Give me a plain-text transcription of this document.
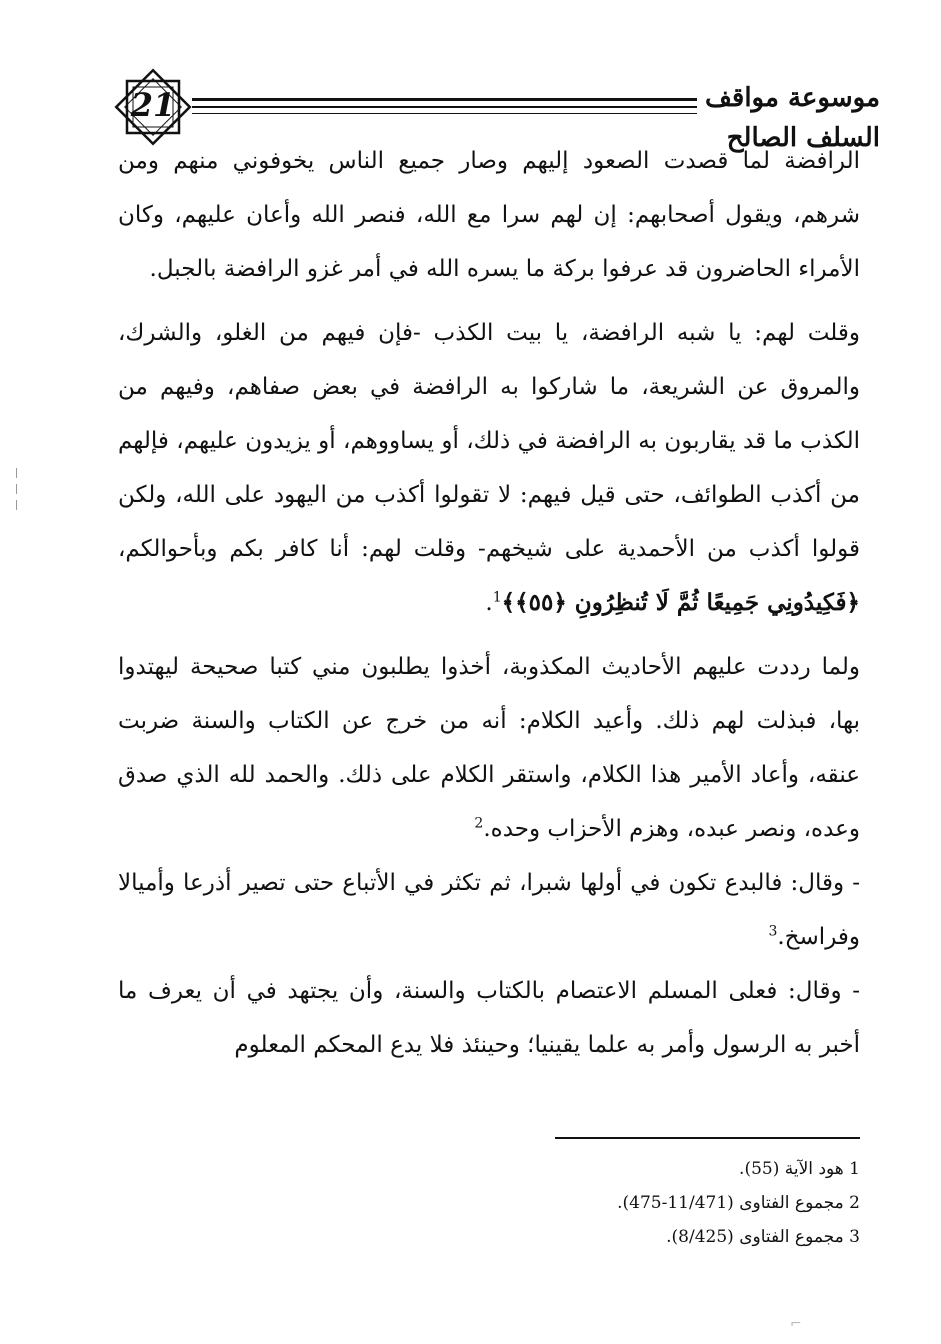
21	موسوعة مواقف السلف الصالح

الرافضة لما قصدت الصعود إليهم وصار جميع الناس يخوفوني منهم ومن شرهم، ويقول أصحابهم: إن لهم سرا مع الله، فنصر الله وأعان عليهم، وكان الأمراء الحاضرون قد عرفوا بركة ما يسره الله في أمر غزو الرافضة بالجبل.

وقلت لهم: يا شبه الرافضة، يا بيت الكذب -فإن فيهم من الغلو، والشرك، والمروق عن الشريعة، ما شاركوا به الرافضة في بعض صفاهم، وفيهم من الكذب ما قد يقاربون به الرافضة في ذلك، أو يساووهم، أو يزيدون عليهم، فإلهم من أكذب الطوائف، حتى قيل فيهم: لا تقولوا أكذب من اليهود على الله، ولكن قولوا أكذب من الأحمدية على شيخهم- وقلت لهم: أنا كافر بكم وبأحوالكم، ﴿فَكِيدُونِي جَمِيعًا ثُمَّ لَا تُنظِرُونِ ﴿٥٥﴾﴾$^1$.

ولما رددت عليهم الأحاديث المكذوبة، أخذوا يطلبون مني كتبا صحيحة ليهتدوا بها، فبذلت لهم ذلك. وأعيد الكلام: أنه من خرج عن الكتاب والسنة ضربت عنقه، وأعاد الأمير هذا الكلام، واستقر الكلام على ذلك. والحمد لله الذي صدق وعده، ونصر عبده، وهزم الأحزاب وحده.$^2$

- وقال: فالبدع تكون في أولها شبرا، ثم تكثر في الأتباع حتى تصير أذرعا وأميالا وفراسخ.$^3$

- وقال: فعلى المسلم الاعتصام بالكتاب والسنة، وأن يجتهد في أن يعرف ما أخبر به الرسول وأمر به علما يقينيا؛ وحينئذ فلا يدع المحكم المعلوم

1 هود الآية (55).
2 مجموع الفتاوى (11/471-475).
3 مجموع الفتاوى (8/425).
⌐
